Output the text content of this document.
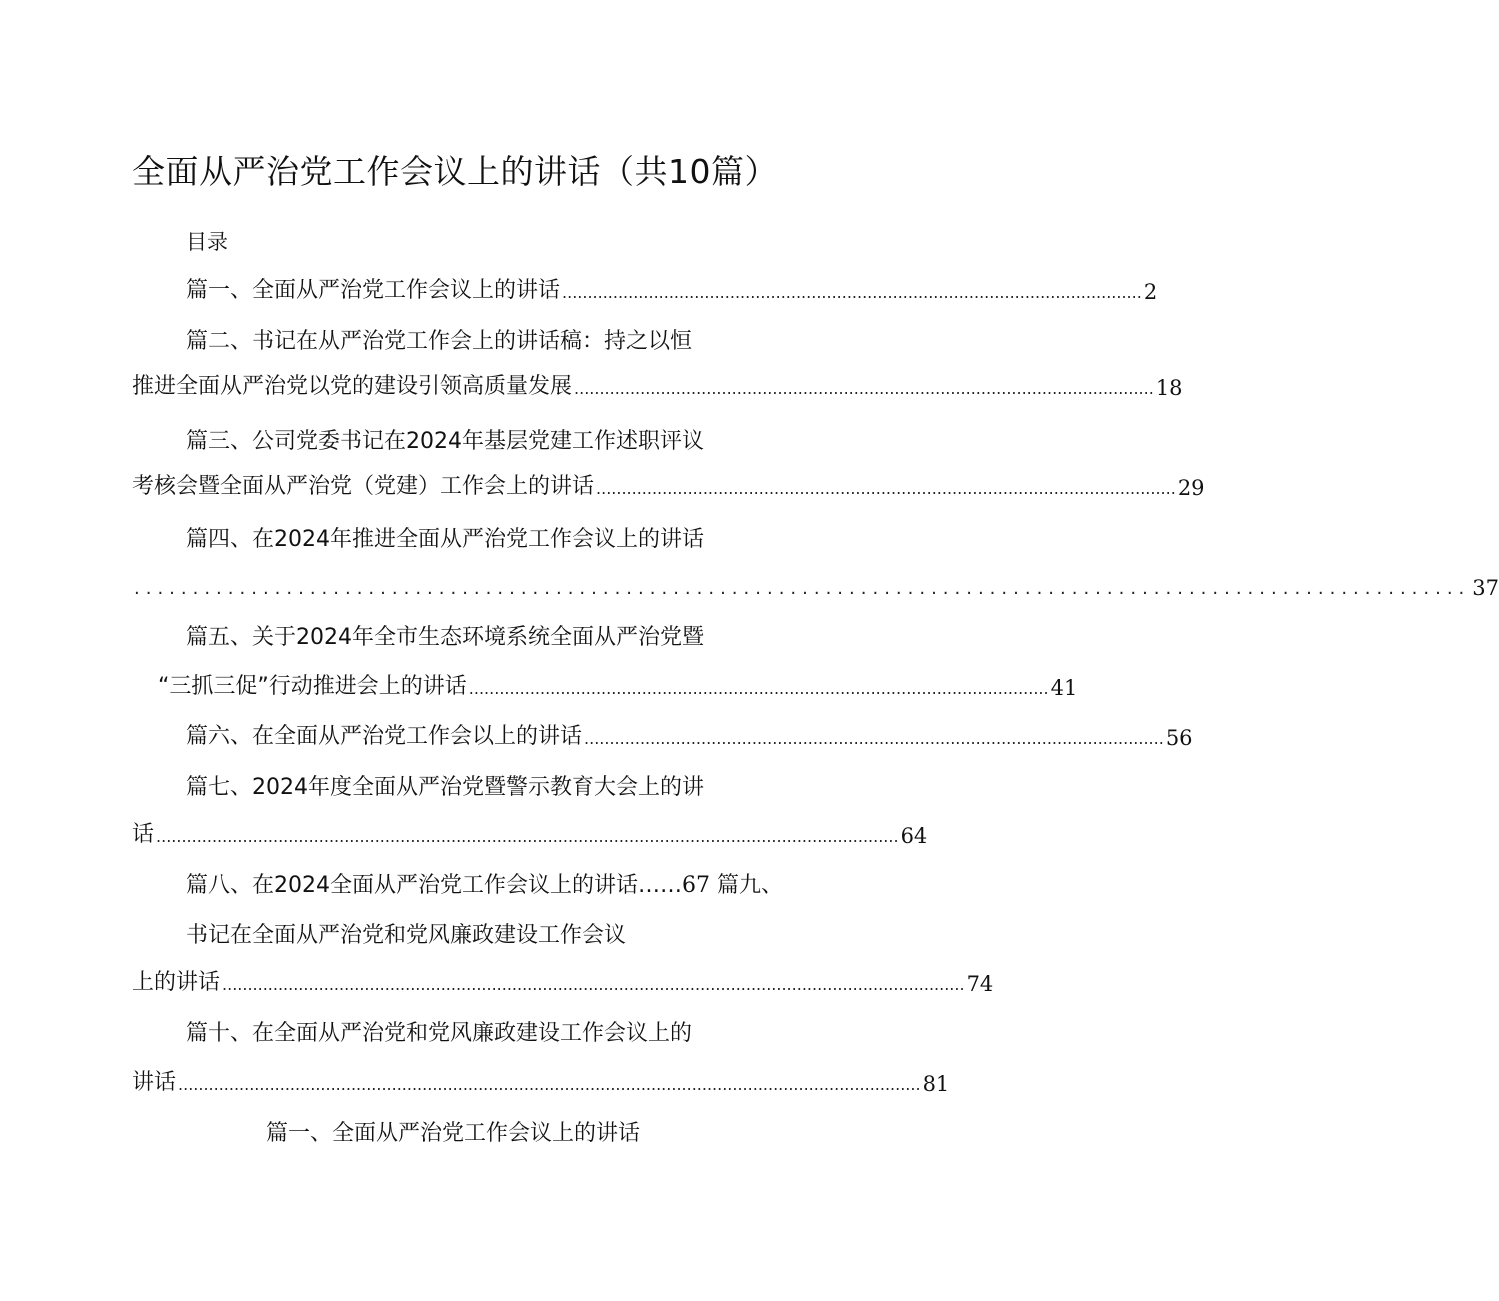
全面从严治党工作会议上的讲话（共10篇）
目录
篇一、全面从严治党工作会议上的讲话 .................................................................................................................. 2
篇二、书记在从严治党工作会上的讲话稿：持之以恒
推进全面从严治党以党的建设引领高质量发展 .................................................................................................................. 18
篇三、公司党委书记在2024年基层党建工作述职评议
考核会暨全面从严治党（党建）工作会上的讲话 .................................................................................................................. 29
篇四、在2024年推进全面从严治党工作会议上的讲话
.................................................................................................................. 37
篇五、关于2024年全市生态环境系统全面从严治党暨
“三抓三促”行动推进会上的讲话 .................................................................................................................. 41
篇六、在全面从严治党工作会以上的讲话 .................................................................................................................. 56
篇七、2024年度全面从严治党暨警示教育大会上的讲
话 .................................................................................................................................................. 64
篇八、在2024全面从严治党工作会议上的讲话……67 篇九、
书记在全面从严治党和党风廉政建设工作会议
上的讲话 .................................................................................................................................................. 74
篇十、在全面从严治党和党风廉政建设工作会议上的
讲话 .................................................................................................................................................. 81
篇一、全面从严治党工作会议上的讲话
